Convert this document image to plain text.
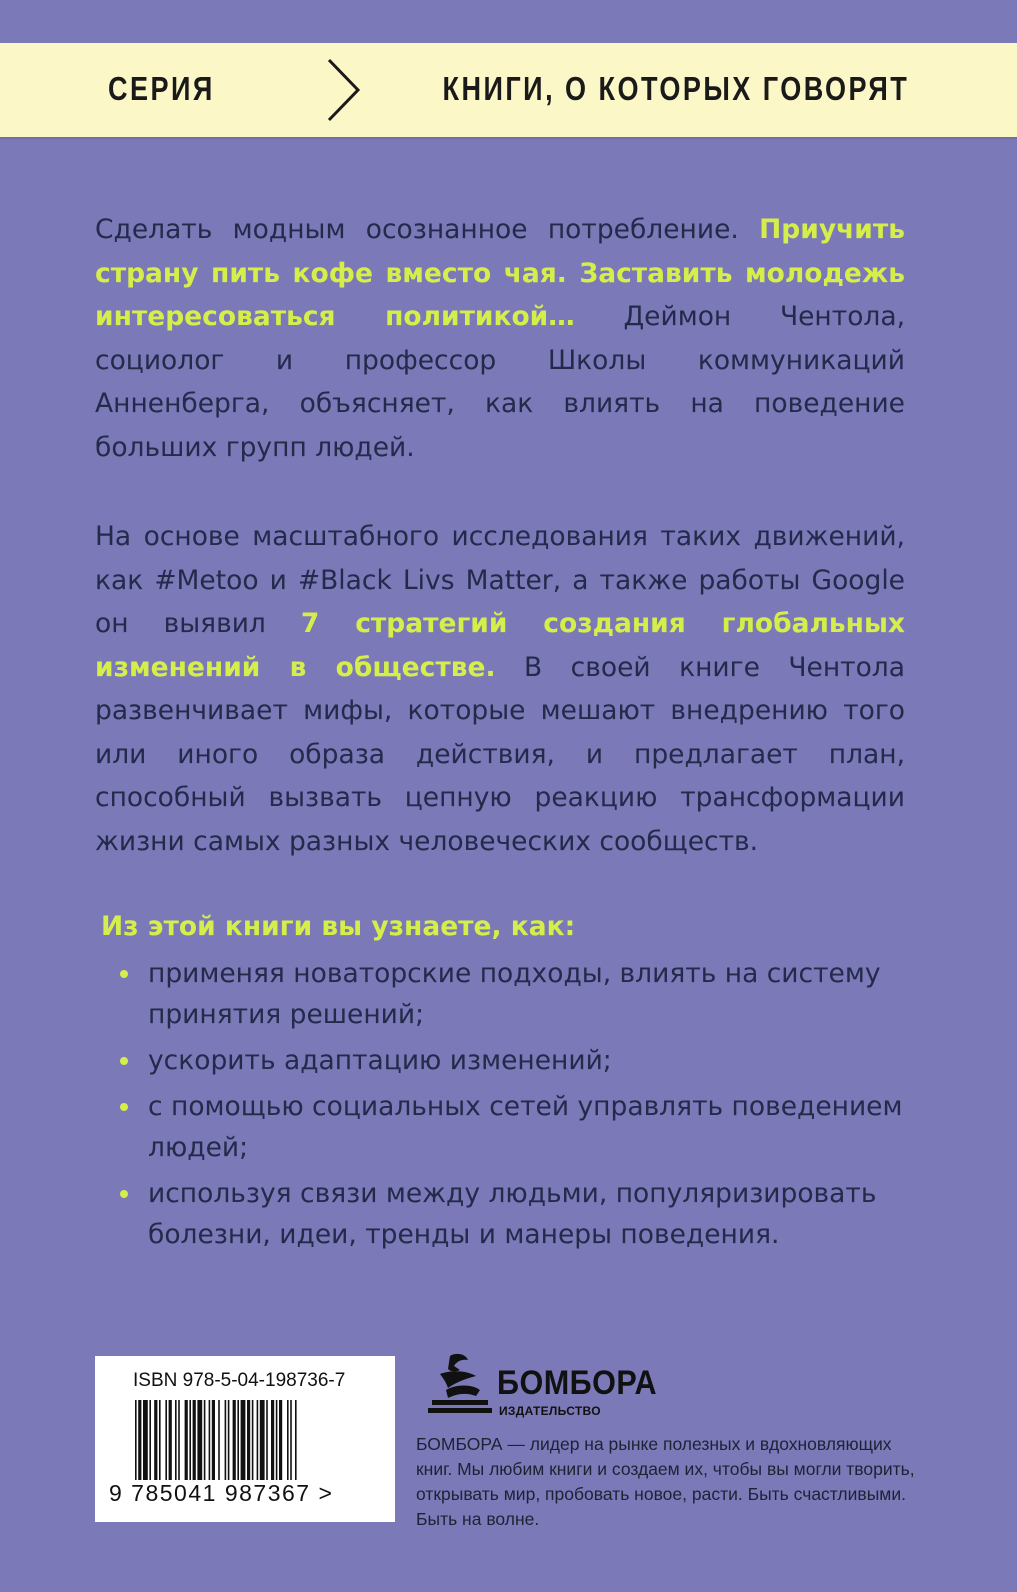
СЕРИЯ	КНИГИ, О КОТОРЫХ ГОВОРЯТ

Сделать модным осознанное потребление. Приучить страну пить кофе вместо чая. Заставить молодежь интересоваться политикой… Деймон Чентола, социолог и профессор Школы коммуникаций Анненберга, объясняет, как влиять на поведение больших групп людей.

На основе масштабного исследования таких движений, как #Metoo и #Black Livs Matter, а также работы Google он выявил 7 стратегий создания глобальных изменений в обществе. В своей книге Чентола развенчивает мифы, которые мешают внедрению того или иного образа действия, и предлагает план, способный вызвать цепную реакцию трансформации жизни самых разных человеческих сообществ.

Из этой книги вы узнаете, как:

применяя новаторские подходы, влиять на систему принятия решений;
ускорить адаптацию изменений;
с помощью социальных сетей управлять поведением людей;
используя связи между людьми, популяризировать болезни, идеи, тренды и манеры поведения.
ISBN 978-5-04-198736-7
9 785041 987367 >
БОМБОРА
ИЗДАТЕЛЬСТВО

БОМБОРА — лидер на рынке полезных и вдохновляющих книг. Мы любим книги и создаем их, чтобы вы могли творить, открывать мир, пробовать новое, расти. Быть счастливыми. Быть на волне.
